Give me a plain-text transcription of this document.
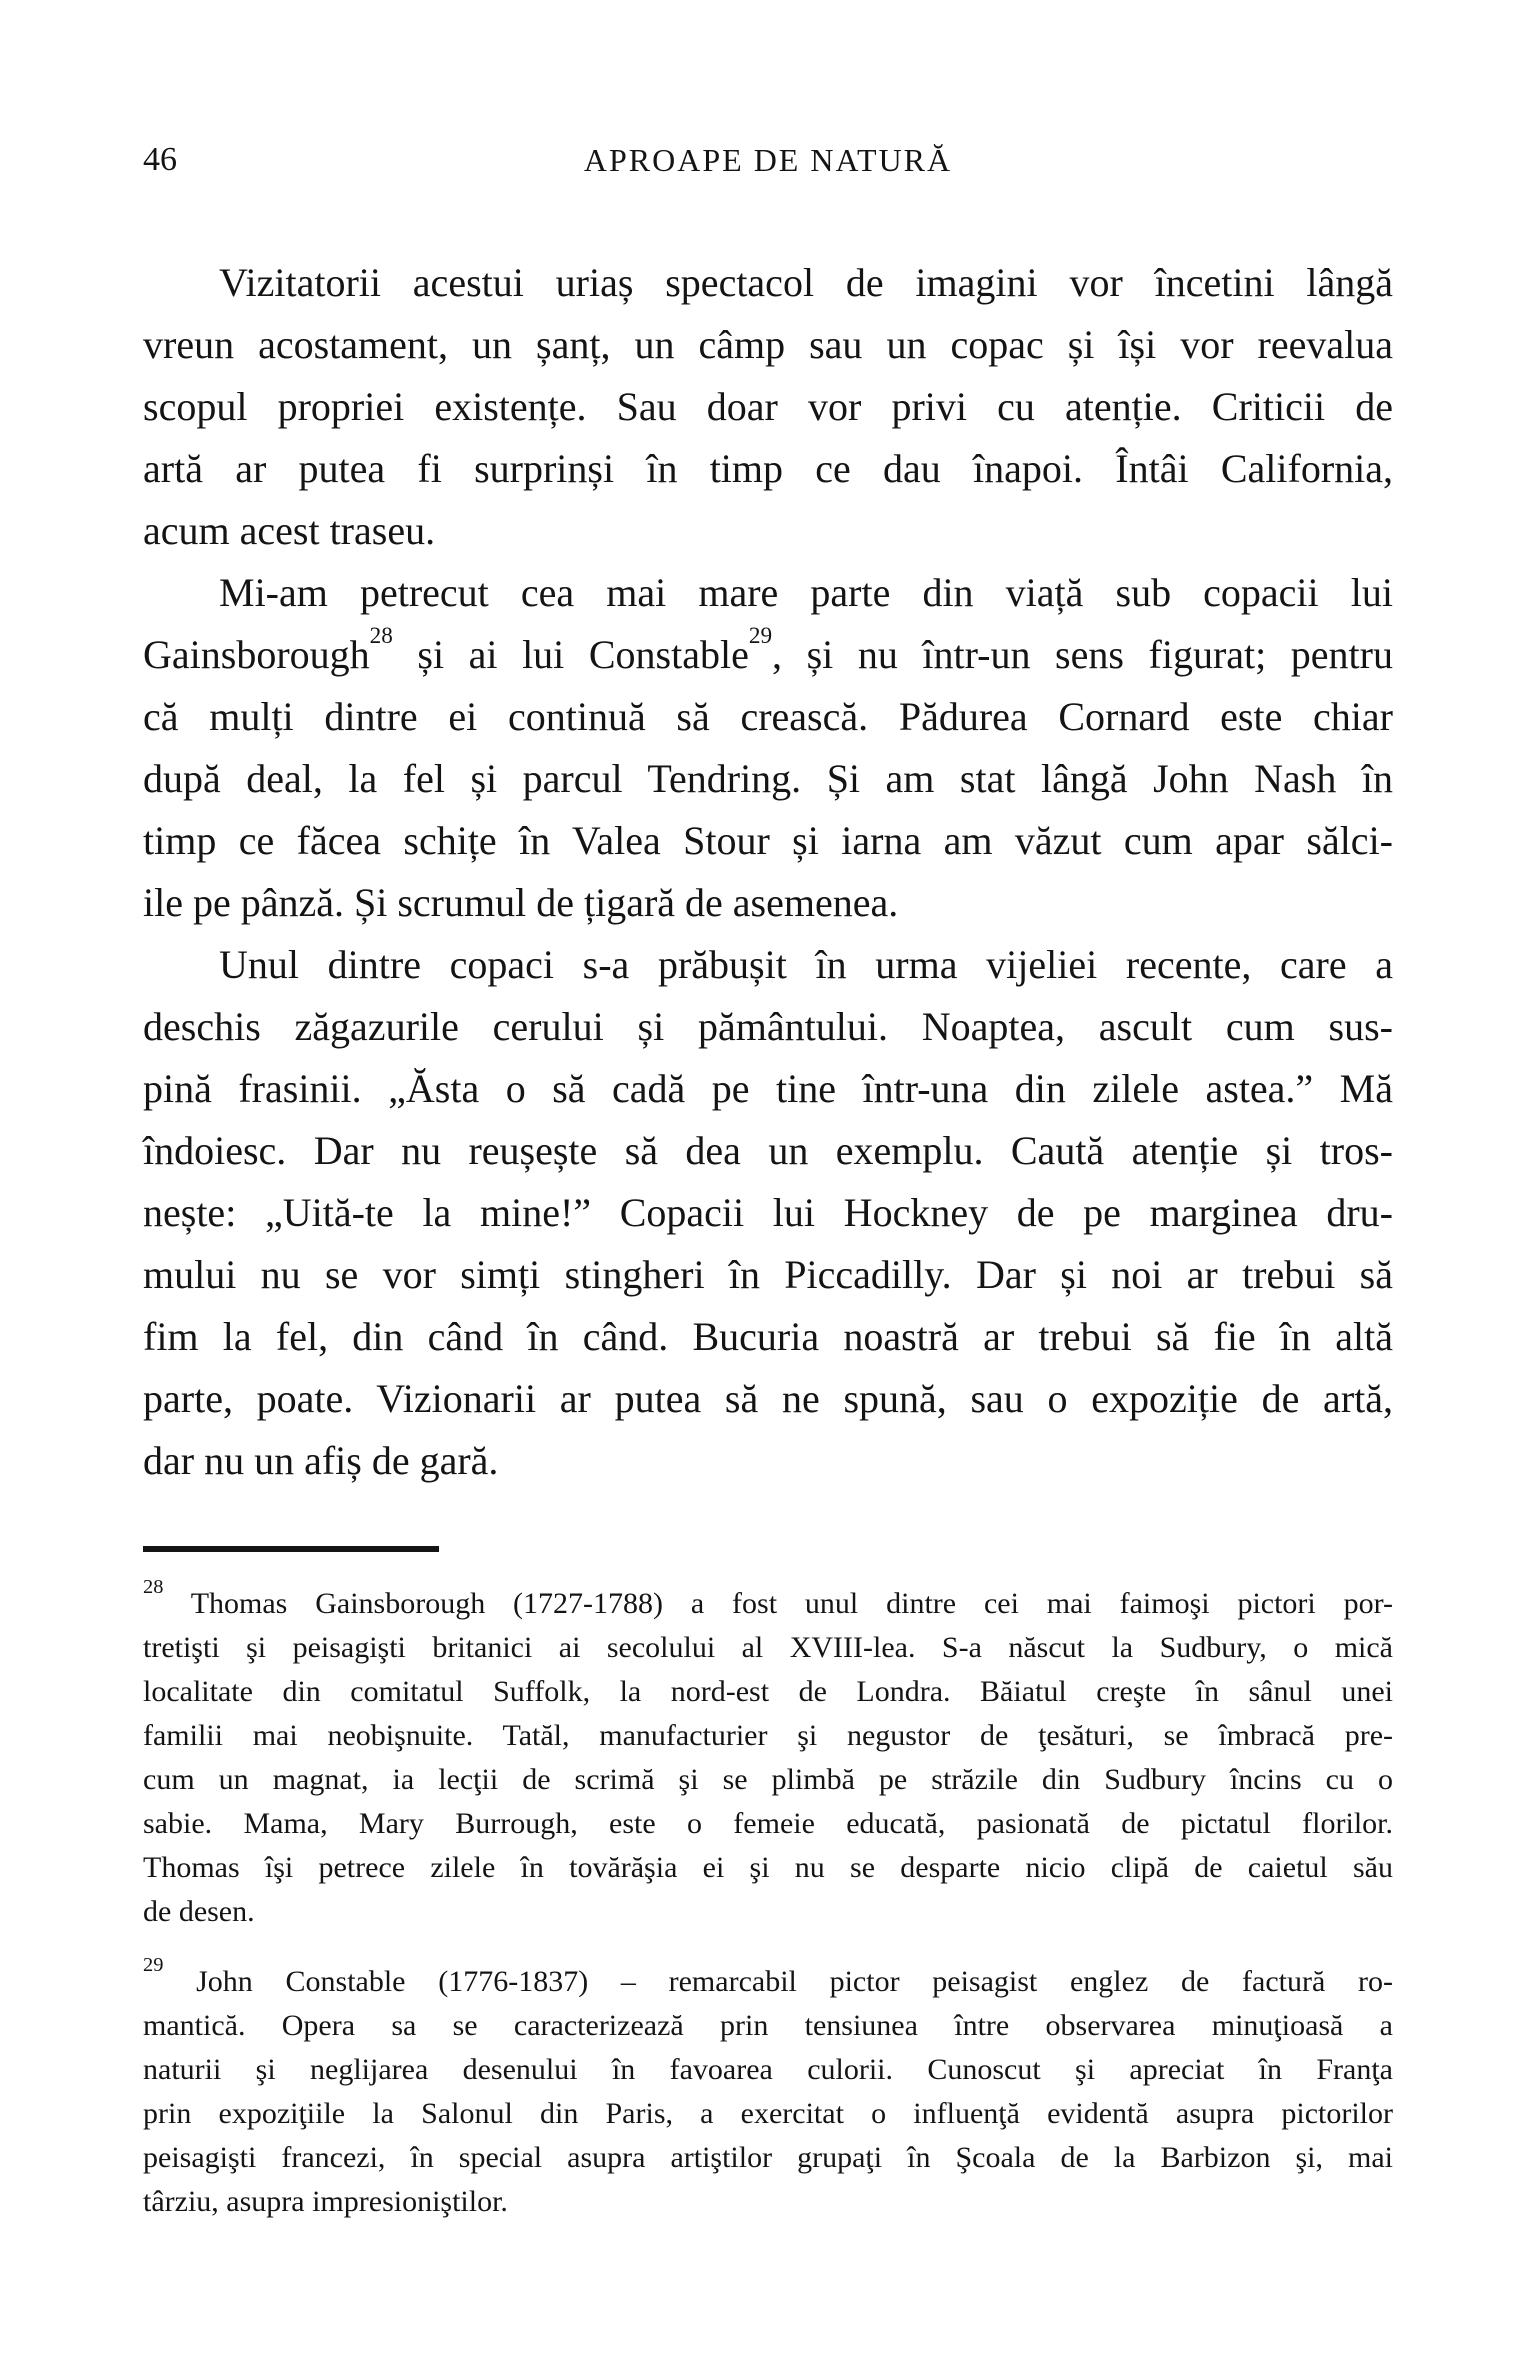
46	APROAPE DE NATURĂ
Vizitatorii acestui uriaș spectacol de imagini vor încetini lângă
vreun acostament, un șanț, un câmp sau un copac și își vor reevalua
scopul propriei existențe. Sau doar vor privi cu atenție. Criticii de
artă ar putea fi surprinși în timp ce dau înapoi. Întâi California,
acum acest traseu.
Mi-am petrecut cea mai mare parte din viață sub copacii lui
Gainsborough$^{28}$ și ai lui Constable$^{29}$, și nu într-un sens figurat; pentru
că mulți dintre ei continuă să crească. Pădurea Cornard este chiar
după deal, la fel și parcul Tendring. Și am stat lângă John Nash în
timp ce făcea schițe în Valea Stour și iarna am văzut cum apar sălci-
ile pe pânză. Și scrumul de țigară de asemenea.
Unul dintre copaci s-a prăbușit în urma vijeliei recente, care a
deschis zăgazurile cerului și pământului. Noaptea, ascult cum sus-
pină frasinii. „Ăsta o să cadă pe tine într-una din zilele astea.” Mă
îndoiesc. Dar nu reușește să dea un exemplu. Caută atenție și tros-
nește: „Uită-te la mine!” Copacii lui Hockney de pe marginea dru-
mului nu se vor simți stingheri în Piccadilly. Dar și noi ar trebui să
fim la fel, din când în când. Bucuria noastră ar trebui să fie în altă
parte, poate. Vizionarii ar putea să ne spună, sau o expoziție de artă,
dar nu un afiș de gară.
$^{28}$ Thomas Gainsborough (1727-1788) a fost unul dintre cei mai faimoşi pictori por-
tretişti şi peisagişti britanici ai secolului al XVIII-lea. S-a născut la Sudbury, o mică
localitate din comitatul Suffolk, la nord-est de Londra. Băiatul creşte în sânul unei
familii mai neobişnuite. Tatăl, manufacturier şi negustor de ţesături, se îmbracă pre-
cum un magnat, ia lecţii de scrimă şi se plimbă pe străzile din Sudbury încins cu o
sabie. Mama, Mary Burrough, este o femeie educată, pasionată de pictatul florilor.
Thomas îşi petrece zilele în tovărăşia ei şi nu se desparte nicio clipă de caietul său
de desen.
$^{29}$ John Constable (1776-1837) – remarcabil pictor peisagist englez de factură ro-
mantică. Opera sa se caracterizează prin tensiunea între observarea minuţioasă a
naturii şi neglijarea desenului în favoarea culorii. Cunoscut şi apreciat în Franţa
prin expoziţiile la Salonul din Paris, a exercitat o influenţă evidentă asupra pictorilor
peisagişti francezi, în special asupra artiştilor grupaţi în Şcoala de la Barbizon şi, mai
târziu, asupra impresioniştilor.
